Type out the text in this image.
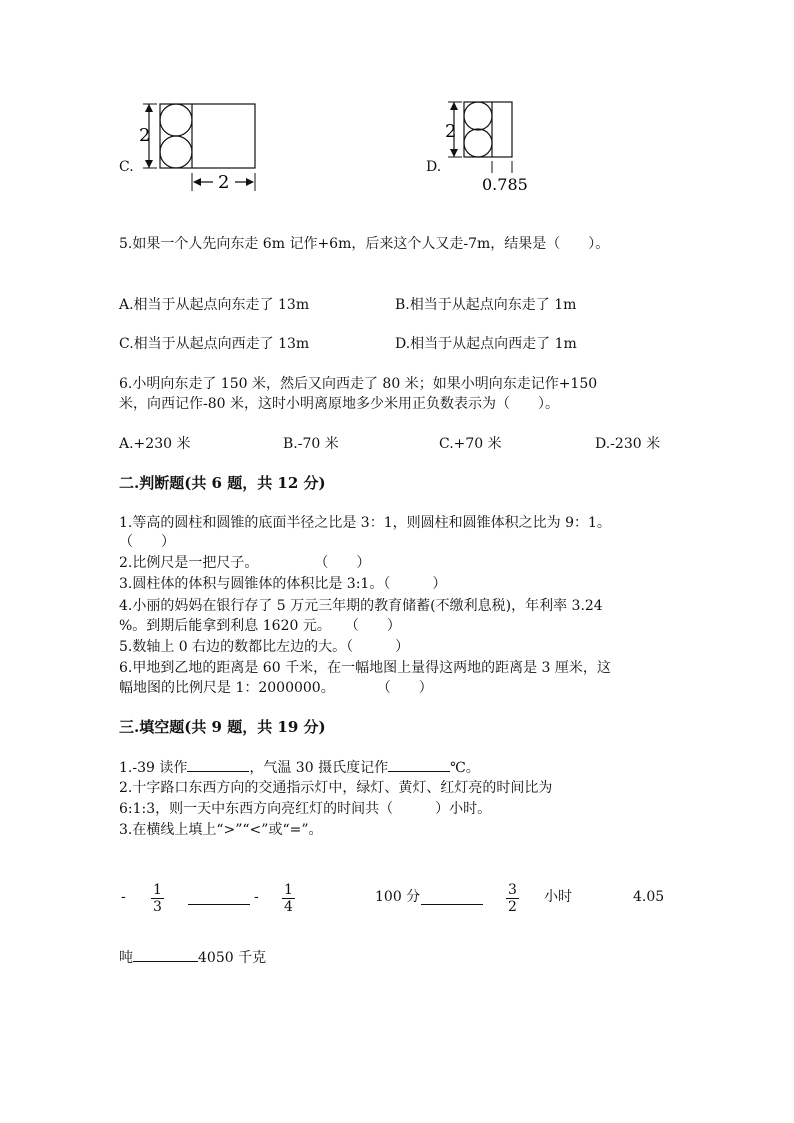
2
2
C.
2
0.785
D.
5.如果一个人先向东走 6m 记作+6m，后来这个人又走-7m，结果是（　　）。
A.相当于从起点向东走了 13m	B.相当于从起点向东走了 1m
C.相当于从起点向西走了 13m	D.相当于从起点向西走了 1m
6.小明向东走了 150 米，然后又向西走了 80 米；如果小明向东走记作+150
米，向西记作-80 米，这时小明离原地多少米用正负数表示为（　　）。
A.+230 米	B.-70 米	C.+70 米	D.-230 米
二.判断题(共 6 题，共 12 分)
1.等高的圆柱和圆锥的底面半径之比是 3：1，则圆柱和圆锥体积之比为 9：1。
（　　）
2.比例尺是一把尺子。　　　　　（　　）
3.圆柱体的体积与圆锥体的体积比是 3:1。（　　　）
4.小丽的妈妈在银行存了 5 万元三年期的教育储蓄(不缴利息税)，年利率 3.24
%。到期后能拿到利息 1620 元。　　（　　）
5.数轴上 0 右边的数都比左边的大。（　　　）
6.甲地到乙地的距离是 60 千米，在一幅地图上量得这两地的距离是 3 厘米，这
幅地图的比例尺是 1：2000000。　　　　（　　）
三.填空题(共 9 题，共 19 分)
1.-39 读作	，气温 30 摄氏度记作	℃。
2.十字路口东西方向的交通指示灯中，绿灯、黄灯、红灯亮的时间比为
6:1:3，则一天中东西方向亮红灯的时间共（　　　）小时。
3.在横线上填上“>”“<”或“=”。
- $\frac{1}{3}$	- $\frac{1}{4}$	100 分	$\frac{3}{2}$ 小时	4.05
吨	4050 千克
